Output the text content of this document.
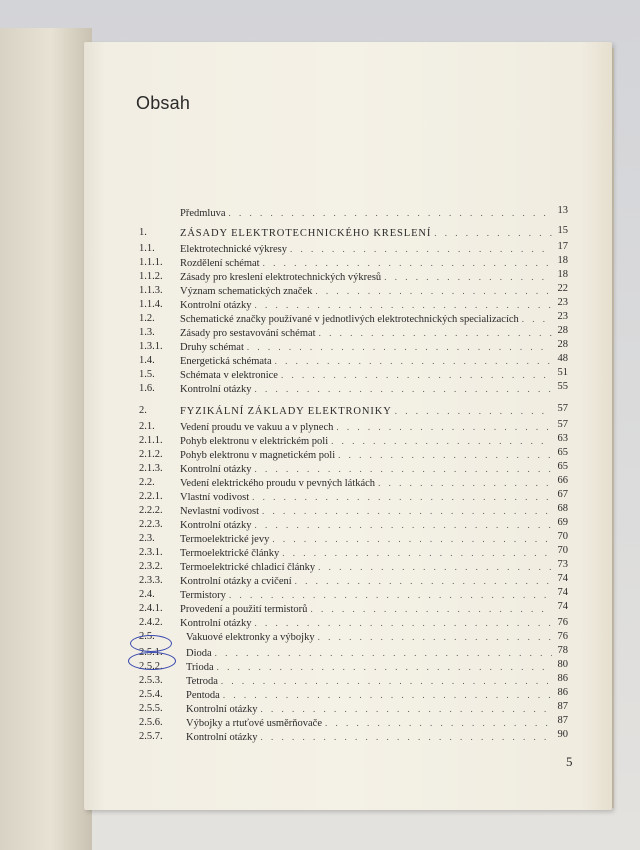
Obsah
Předmluva . . .	13
1.	ZÁSADY ELEKTROTECHNICKÉHO KRESLENÍ . . .	15
1.1. Elektrotechnické výkresy . . .	17
1.1.1. Rozdělení schémat . . .	18
1.1.2. Zásady pro kreslení elektrotechnických výkresů . . .	18
1.1.3. Význam schematických značek . . .	22
1.1.4. Kontrolní otázky . . .	23
1.2. Schematické značky používané v jednotlivých elektrotechnických specializacích . . .	23
1.3. Zásady pro sestavování schémat . . .	28
1.3.1. Druhy schémat . . .	28
1.4. Energetická schémata . . .	48
1.5. Schémata v elektronice . . .	51
1.6. Kontrolní otázky . . .	55
2.	FYZIKÁLNÍ ZÁKLADY ELEKTRONIKY . . .	57
2.1. Vedení proudu ve vakuu a v plynech . . .	57
2.1.1. Pohyb elektronu v elektrickém poli . . .	63
2.1.2. Pohyb elektronu v magnetickém poli . . .	65
2.1.3. Kontrolní otázky . . .	65
2.2. Vedení elektrického proudu v pevných látkách . . .	66
2.2.1. Vlastní vodivost . . .	67
2.2.2. Nevlastní vodivost . . .	68
2.2.3. Kontrolní otázky . . .	69
2.3. Termoelektrické jevy . . .	70
2.3.1. Termoelektrické články . . .	70
2.3.2. Termoelektrické chladicí články . . .	73
2.3.3. Kontrolní otázky a cvičení . . .	74
2.4. Termistory . . .	74
2.4.1. Provedení a použití termistorů . . .	74
2.4.2. Kontrolní otázky . . .	76
2.5.	Vakuové elektronky a výbojky . . .	76
2.5.1. Dioda . . .	78
2.5.2. Trioda . . .	80
2.5.3. Tetroda . . .	86
2.5.4. Pentoda . . .	86
2.5.5. Kontrolní otázky . . .	87
2.5.6. Výbojky a rtuťové usměrňovače . . .	87
2.5.7. Kontrolní otázky . . .	90
5
